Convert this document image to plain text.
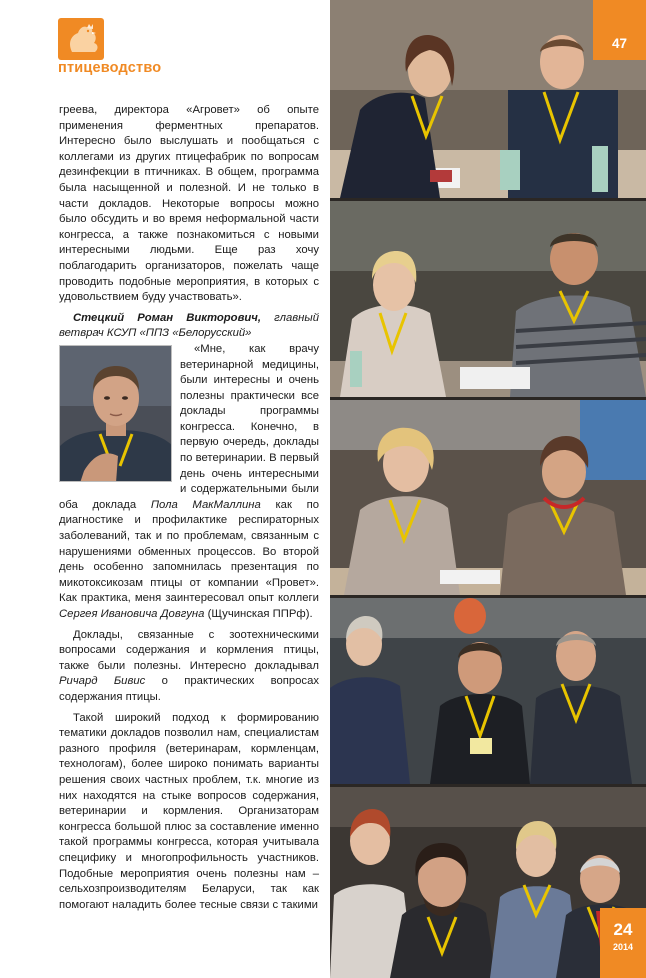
птицеводство

греева, директора «Агровет» об опыте применения ферментных препаратов. Интересно было выслушать и пообщаться с коллегами из других птицефабрик по вопросам дезинфекции в птичниках. В общем, программа была насыщенной и полезной. И не только в части докладов. Некоторые вопросы можно было обсудить и во время неформальной части конгресса, а также познакомиться с новыми интересными людьми. Еще раз хочу поблагодарить организаторов, пожелать чаще проводить подобные мероприятия, в которых с удовольствием буду участвовать».

Стецкий Роман Викторович, главный ветврач КСУП «ППЗ «Белорусский»

«Мне, как врачу ветеринарной медицины, были интересны и очень полезны практически все доклады программы конгресса. Конечно, в первую очередь, доклады по ветеринарии. В первый день очень интересными и содержательными были оба доклада Пола МакМаллина как по диагностике и профилактике респираторных заболеваний, так и по проблемам, связанным с нарушениями обменных процессов. Во второй день особенно запомнилась презентация по микотоксикозам птицы от компании «Провет». Как практика, меня заинтересовал опыт коллеги Сергея Ивановича Довгуна (Щучинская ППРф).

Доклады, связанные с зоотехническими вопросами содержания и кормления птицы, также были полезны. Интересно докладывал Ричард Бивис о практических вопросах содержания птицы.

Такой широкий подход к формированию тематики докладов позволил нам, специалистам разного профиля (ветеринарам, кормленцам, технологам), более широко понимать варианты решения своих частных проблем, т.к. многие из них находятся на стыке вопросов содержания, ветеринарии и кормления. Организаторам конгресса большой плюс за составление именно такой программы конгресса, которая учитывала специфику и многопрофильность участников. Подобные мероприятия очень полезны нам – сельхозпроизводителям Беларуси, так как помогают наладить более тесные связи с такими

47
24
2014
